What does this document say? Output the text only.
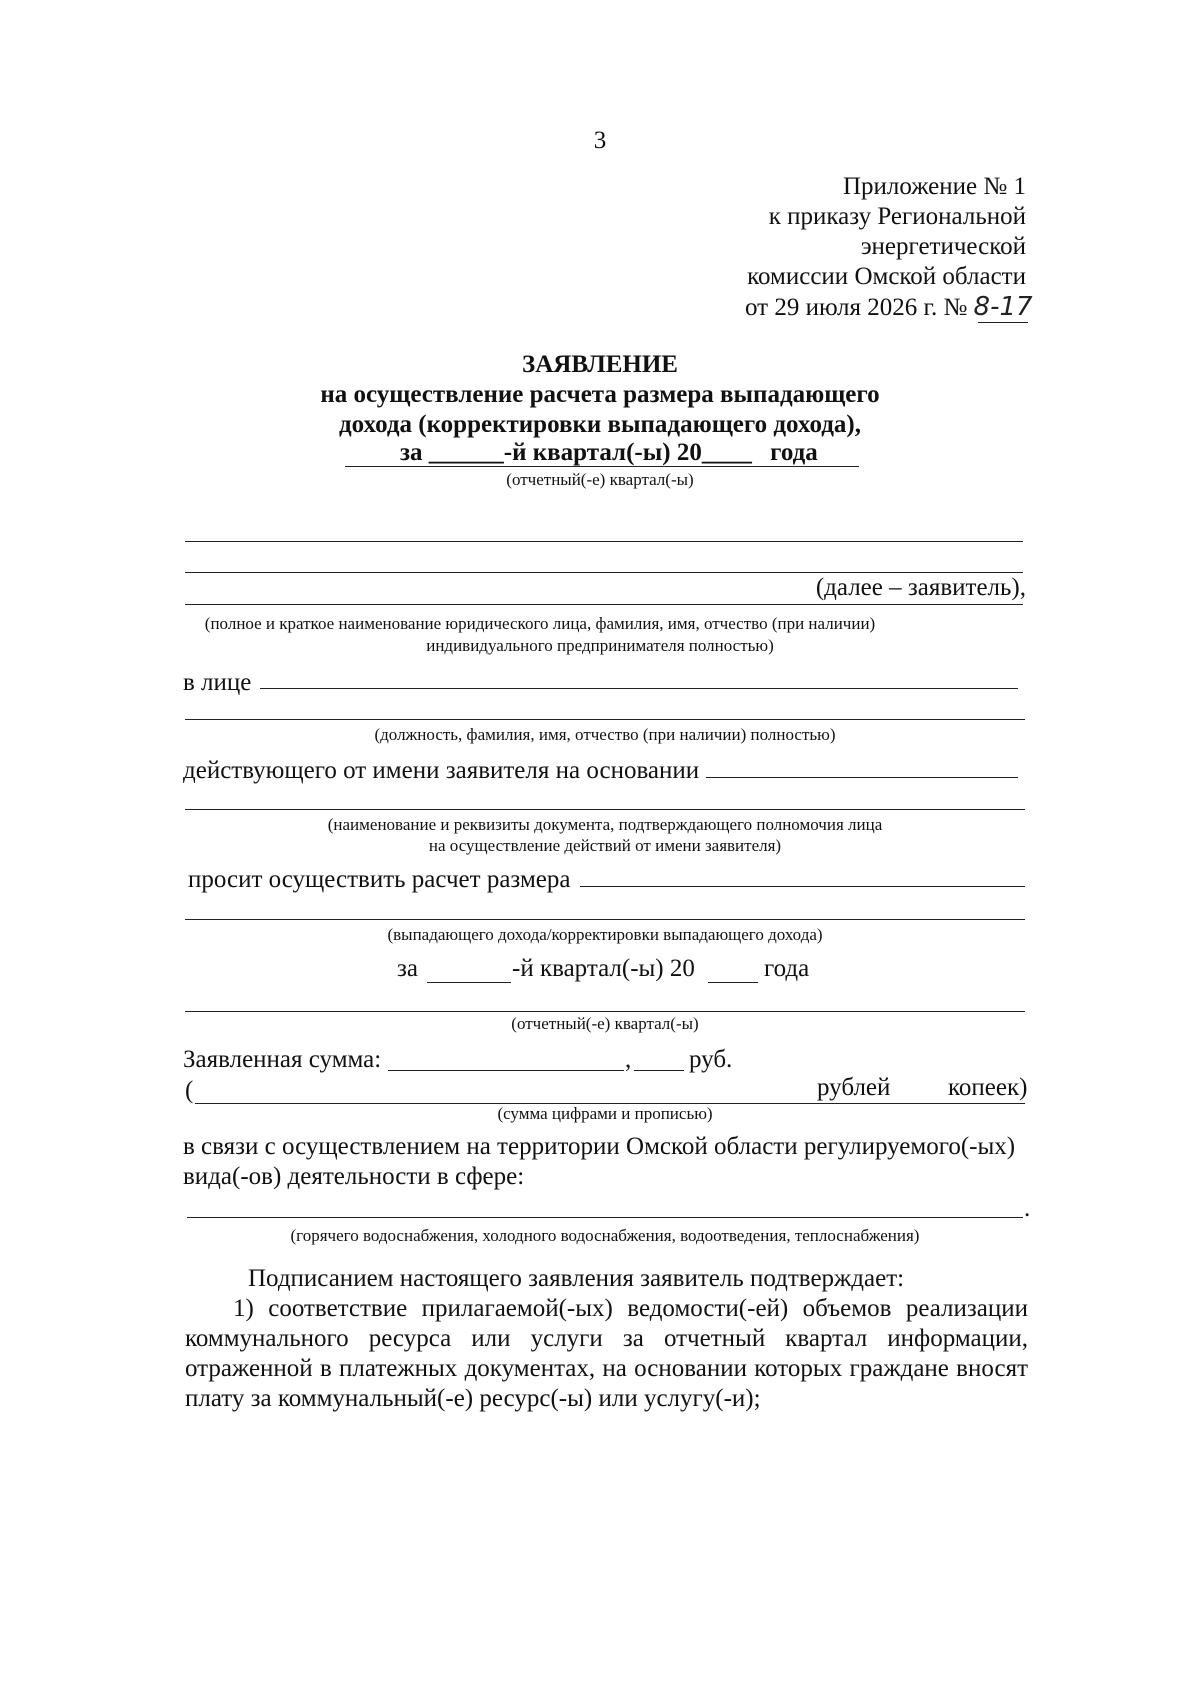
3
Приложение № 1
к приказу Региональной
энергетической
комиссии Омской области
от 29 июля 2026 г. № 8-17
ЗАЯВЛЕНИЕ
на осуществление расчета размера выпадающего
дохода (корректировки выпадающего дохода),
за ______-й квартал(-ы) 20____ года
(отчетный(-е) квартал(-ы)
(далее – заявитель),
(полное и краткое наименование юридического лица, фамилия, имя, отчество (при наличии)
индивидуального предпринимателя полностью)
в лице
(должность, фамилия, имя, отчество (при наличии) полностью)
действующего от имени заявителя на основании
(наименование и реквизиты документа, подтверждающего полномочия лица
на осуществление действий от имени заявителя)
просит осуществить расчет размера
(выпадающего дохода/корректировки выпадающего дохода)
за	-й квартал(-ы) 20	года
(отчетный(-е) квартал(-ы)
Заявленная сумма:	, руб.
(	рублей копеек)
(сумма цифрами и прописью)
в связи с осуществлением на территории Омской области регулируемого(-ых)
вида(-ов) деятельности в сфере:
.
(горячего водоснабжения, холодного водоснабжения, водоотведения, теплоснабжения)
Подписанием настоящего заявления заявитель подтверждает:
1) соответствие прилагаемой(-ых) ведомости(-ей) объемов реализации
коммунального ресурса или услуги за отчетный квартал информации,
отраженной в платежных документах, на основании которых граждане вносят
плату за коммунальный(-е) ресурс(-ы) или услугу(-и);
